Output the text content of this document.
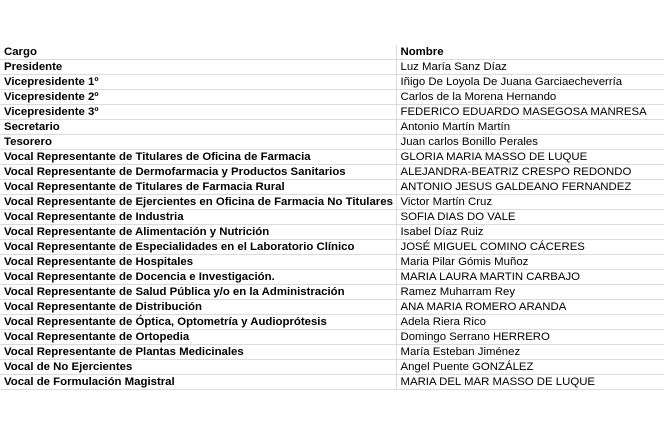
Cargo	Nombre
Presidente	Luz María Sanz Díaz
Vicepresidente 1º	Iñigo De Loyola De Juana Garciaecheverría
Vicepresidente 2º	Carlos de la Morena Hernando
Vicepresidente 3º	FEDERICO EDUARDO MASEGOSA MANRESA
Secretario	Antonio Martín Martín
Tesorero	Juan carlos Bonillo Perales
Vocal Representante de Titulares de Oficina de Farmacia	GLORIA MARIA MASSO DE LUQUE
Vocal Representante de Dermofarmacia y Productos Sanitarios	ALEJANDRA-BEATRIZ CRESPO REDONDO
Vocal Representante de Titulares de Farmacia Rural	ANTONIO JESUS GALDEANO FERNANDEZ
Vocal Representante de Ejercientes en Oficina de Farmacia No Titulares	Victor Martín Cruz
Vocal Representante de Industria	SOFIA DIAS DO VALE
Vocal Representante de Alimentación y Nutrición	Isabel Díaz Ruiz
Vocal Representante de Especialidades en el Laboratorio Clínico	JOSÉ MIGUEL COMINO CÁCERES
Vocal Representante de Hospitales	Maria Pilar Gómis Muñoz
Vocal Representante de Docencia e Investigación.	MARIA LAURA MARTIN CARBAJO
Vocal Representante de Salud Pública y/o en la Administración	Ramez Muharram Rey
Vocal Representante de Distribución	ANA MARIA ROMERO ARANDA
Vocal Representante de Óptica, Optometría y Audioprótesis	Adela Riera Rico
Vocal Representante de Ortopedia	Domingo Serrano HERRERO
Vocal Representante de Plantas Medicinales	María Esteban Jiménez
Vocal de No Ejercientes	Angel Puente GONZÁLEZ
Vocal de Formulación Magistral	MARIA DEL MAR MASSO DE LUQUE
